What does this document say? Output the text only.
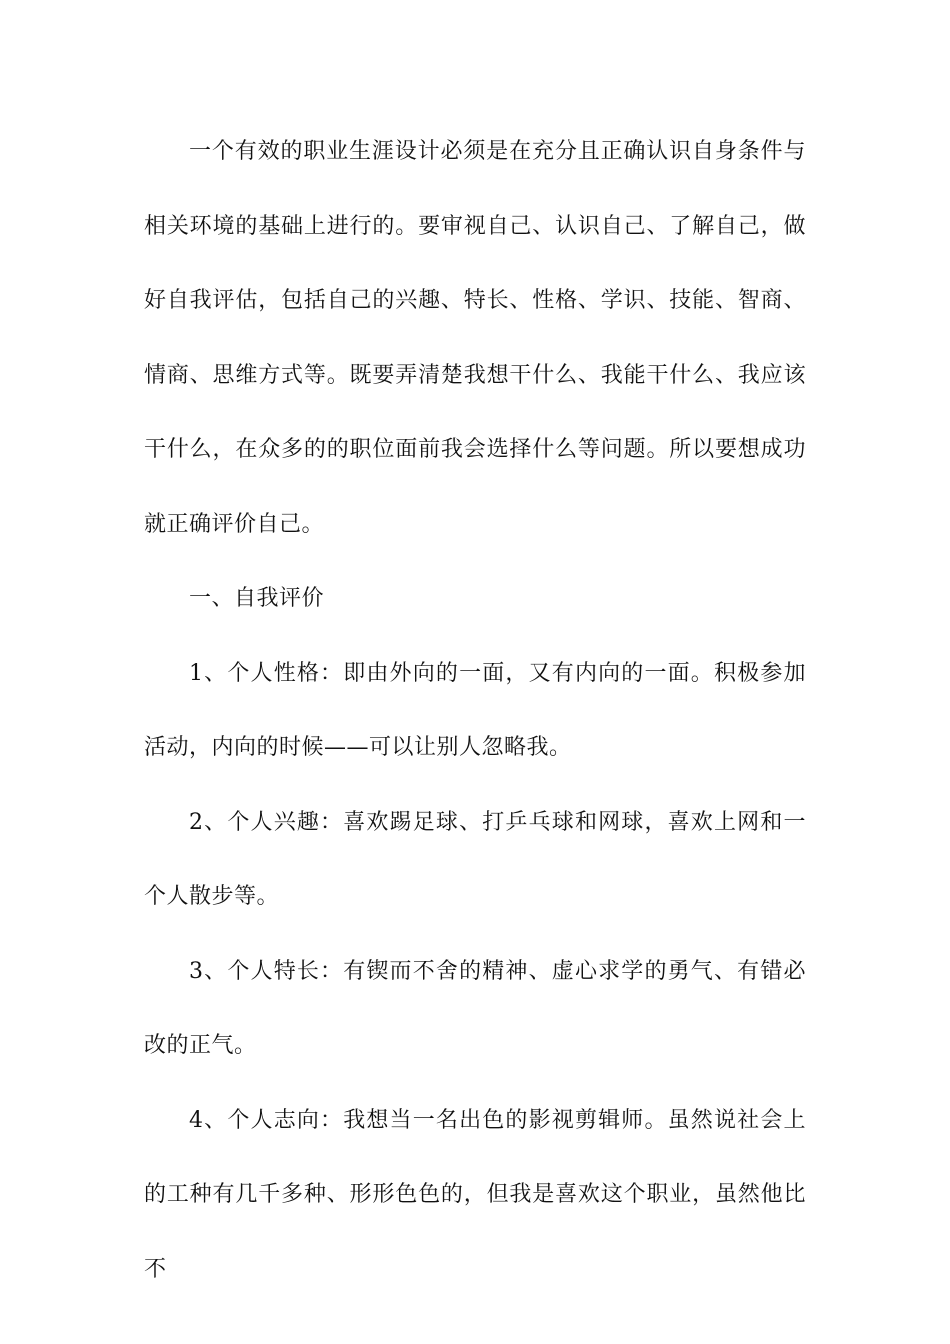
一个有效的职业生涯设计必须是在充分且正确认识自身条件与相关环境的基础上进行的。要审视自己、认识自己、了解自己，做好自我评估，包括自己的兴趣、特长、性格、学识、技能、智商、情商、思维方式等。既要弄清楚我想干什么、我能干什么、我应该干什么，在众多的的职位面前我会选择什么等问题。所以要想成功就正确评价自己。

一、自我评价

1、个人性格：即由外向的一面，又有内向的一面。积极参加活动，内向的时候——可以让别人忽略我。

2、个人兴趣：喜欢踢足球、打乒乓球和网球，喜欢上网和一个人散步等。

3、个人特长：有锲而不舍的精神、虚心求学的勇气、有错必改的正气。

4、个人志向：我想当一名出色的影视剪辑师。虽然说社会上的工种有几千多种、形形色色的，但我是喜欢这个职业，虽然他比不
